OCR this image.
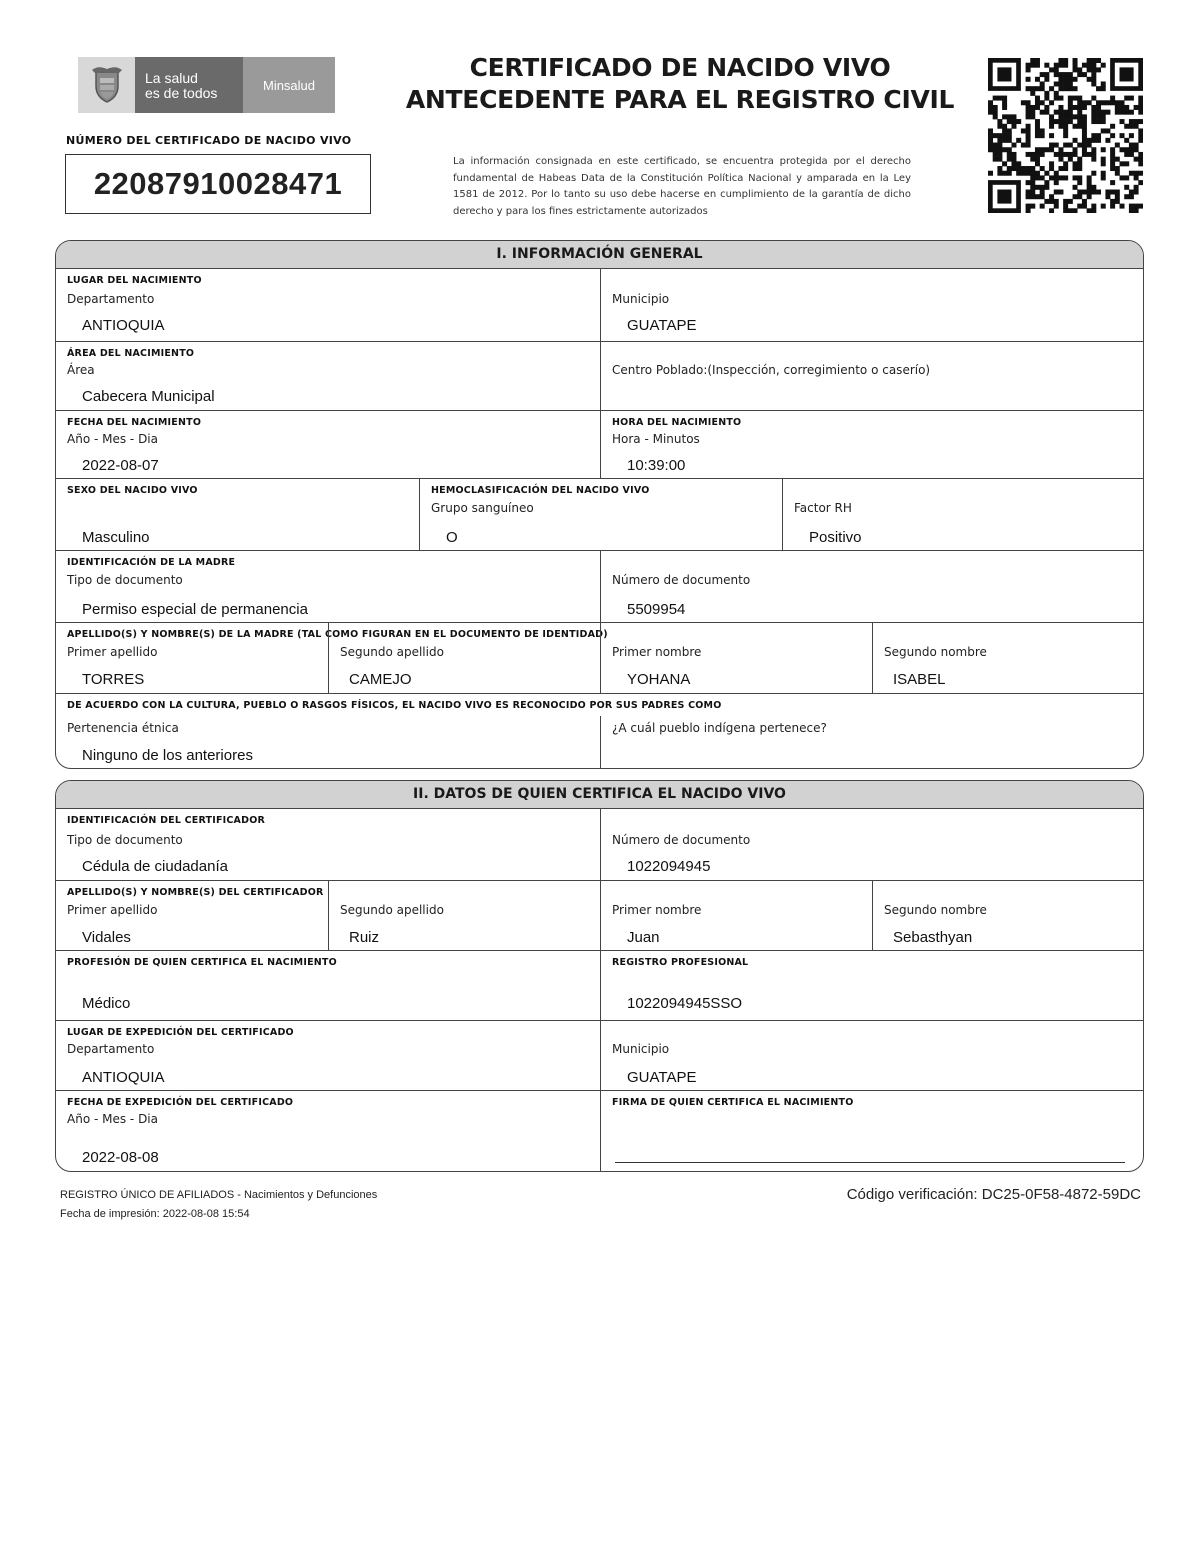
La salud
es de todos	Minsalud
NÚMERO DEL CERTIFICADO DE NACIDO VIVO
22087910028471
CERTIFICADO DE NACIDO VIVO
ANTECEDENTE PARA EL REGISTRO CIVIL
La información consignada en este certificado, se encuentra protegida por el derecho fundamental de Habeas Data de la Constitución Política Nacional y amparada en la Ley 1581 de 2012. Por lo tanto su uso debe hacerse en cumplimiento de la garantía de dicho derecho y para los fines estrictamente autorizados
I. INFORMACIÓN GENERAL
LUGAR DEL NACIMIENTO
Departamento
ANTIOQUIA
Municipio
GUATAPE
ÁREA DEL NACIMIENTO
Área
Cabecera Municipal
Centro Poblado:(Inspección, corregimiento o caserío)
FECHA DEL NACIMIENTO
Año - Mes - Dia
2022-08-07
HORA DEL NACIMIENTO
Hora - Minutos
10:39:00
SEXO DEL NACIDO VIVO
Masculino
HEMOCLASIFICACIÓN DEL NACIDO VIVO
Grupo sanguíneo
O
Factor RH
Positivo
IDENTIFICACIÓN DE LA MADRE
Tipo de documento
Permiso especial de permanencia
Número de documento
5509954
APELLIDO(S) Y NOMBRE(S) DE LA MADRE (TAL COMO FIGURAN EN EL DOCUMENTO DE IDENTIDAD)
Primer apellido
TORRES
Segundo apellido
CAMEJO
Primer nombre
YOHANA
Segundo nombre
ISABEL
DE ACUERDO CON LA CULTURA, PUEBLO O RASGOS FÍSICOS, EL NACIDO VIVO ES RECONOCIDO POR SUS PADRES COMO
Pertenencia étnica
Ninguno de los anteriores
¿A cuál pueblo indígena pertenece?
II. DATOS DE QUIEN CERTIFICA EL NACIDO VIVO
IDENTIFICACIÓN DEL CERTIFICADOR
Tipo de documento
Cédula de ciudadanía
Número de documento
1022094945
APELLIDO(S) Y NOMBRE(S) DEL CERTIFICADOR
Primer apellido
Vidales
Segundo apellido
Ruiz
Primer nombre
Juan
Segundo nombre
Sebasthyan
PROFESIÓN DE QUIEN CERTIFICA EL NACIMIENTO
Médico
REGISTRO PROFESIONAL
1022094945SSO
LUGAR DE EXPEDICIÓN DEL CERTIFICADO
Departamento
ANTIOQUIA
Municipio
GUATAPE
FECHA DE EXPEDICIÓN DEL CERTIFICADO
Año - Mes - Dia
2022-08-08
FIRMA DE QUIEN CERTIFICA EL NACIMIENTO
REGISTRO ÚNICO DE AFILIADOS - Nacimientos y Defunciones
Fecha de impresión: 2022-08-08 15:54
Código verificación: DC25-0F58-4872-59DC
